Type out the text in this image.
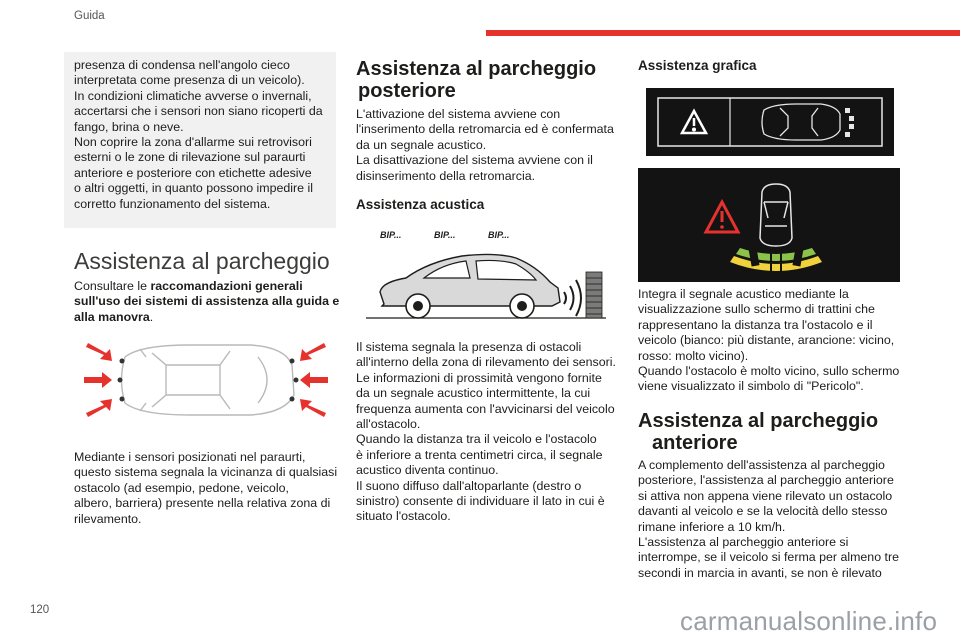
Guida
presenza di condensa nell'angolo cieco
interpretata come presenza di un veicolo).
In condizioni climatiche avverse o invernali,
accertarsi che i sensori non siano ricoperti da
fango, brina o neve.
Non coprire la zona d'allarme sui retrovisori
esterni o le zone di rilevazione sul paraurti
anteriore e posteriore con etichette adesive
o altri oggetti, in quanto possono impedire il
corretto funzionamento del sistema.
Assistenza al parcheggio
Consultare le raccomandazioni generali
sull'uso dei sistemi di assistenza alla guida e
alla manovra.
Mediante i sensori posizionati nel paraurti,
questo sistema segnala la vicinanza di qualsiasi
ostacolo (ad esempio, pedone, veicolo,
albero, barriera) presente nella relativa zona di
rilevamento.
Assistenza al parcheggio
posteriore
L'attivazione del sistema avviene con
l'inserimento della retromarcia ed è confermata
da un segnale acustico.
La disattivazione del sistema avviene con il
disinserimento della retromarcia.
Assistenza acustica
BIP...	BIP...	BIP...
Il sistema segnala la presenza di ostacoli
all'interno della zona di rilevamento dei sensori.
Le informazioni di prossimità vengono fornite
da un segnale acustico intermittente, la cui
frequenza aumenta con l'avvicinarsi del veicolo
all'ostacolo.
Quando la distanza tra il veicolo e l'ostacolo
è inferiore a trenta centimetri circa, il segnale
acustico diventa continuo.
Il suono diffuso dall'altoparlante (destro o
sinistro) consente di individuare il lato in cui è
situato l'ostacolo.
Assistenza grafica
Integra il segnale acustico mediante la
visualizzazione sullo schermo di trattini che
rappresentano la distanza tra l'ostacolo e il
veicolo (bianco: più distante, arancione: vicino,
rosso: molto vicino).
Quando l'ostacolo è molto vicino, sullo schermo
viene visualizzato il simbolo di "Pericolo".
Assistenza al parcheggio
anteriore
A complemento dell'assistenza al parcheggio
posteriore, l'assistenza al parcheggio anteriore
si attiva non appena viene rilevato un ostacolo
davanti al veicolo e se la velocità dello stesso
rimane inferiore a 10 km/h.
L'assistenza al parcheggio anteriore si
interrompe, se il veicolo si ferma per almeno tre
secondi in marcia in avanti, se non è rilevato
120	carmanualsonline.info
